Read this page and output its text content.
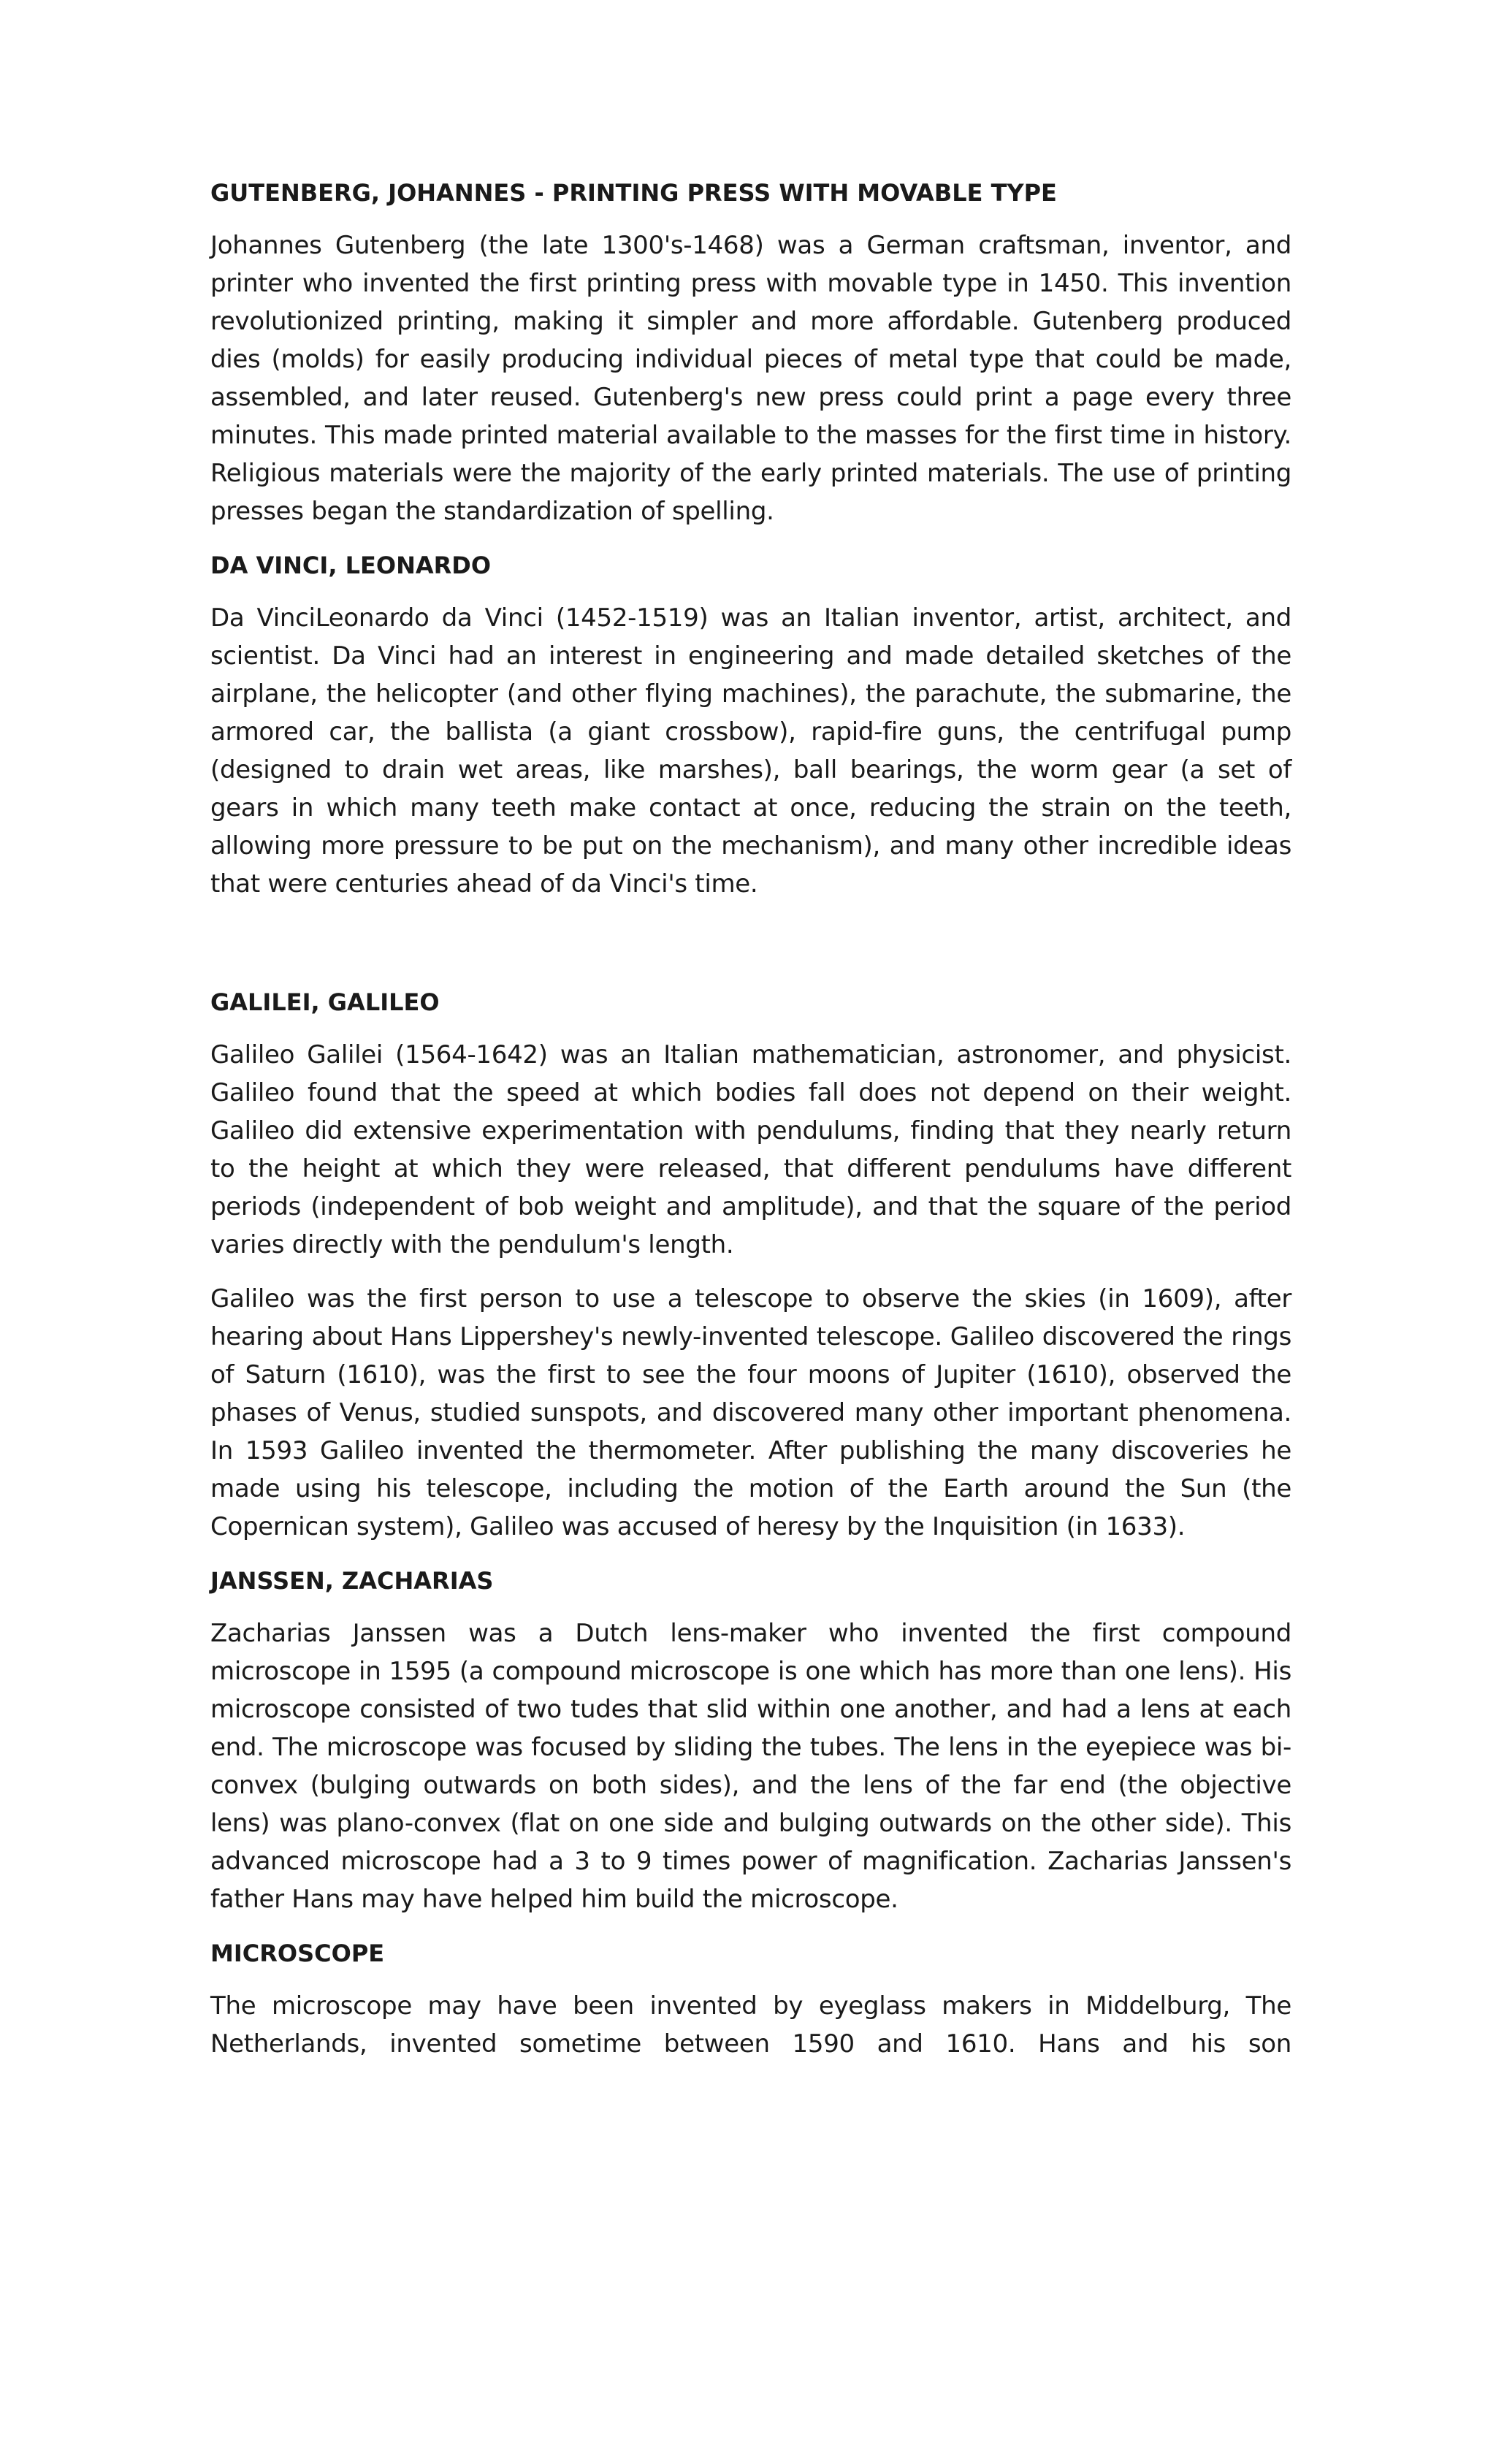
GUTENBERG, JOHANNES - PRINTING PRESS WITH MOVABLE TYPE

Johannes Gutenberg (the late 1300's-1468) was a German craftsman, inventor, and printer who invented the first printing press with movable type in 1450. This invention revolutionized printing, making it simpler and more affordable. Gutenberg produced dies (molds) for easily producing individual pieces of metal type that could be made, assembled, and later reused. Gutenberg's new press could print a page every three minutes. This made printed material available to the masses for the first time in history. Religious materials were the majority of the early printed materials. The use of printing presses began the standardization of spelling.

DA VINCI, LEONARDO

Da VinciLeonardo da Vinci (1452-1519) was an Italian inventor, artist, architect, and scientist. Da Vinci had an interest in engineering and made detailed sketches of the airplane, the helicopter (and other flying machines), the parachute, the submarine, the armored car, the ballista (a giant crossbow), rapid-fire guns, the centrifugal pump (designed to drain wet areas, like marshes), ball bearings, the worm gear (a set of gears in which many teeth make contact at once, reducing the strain on the teeth, allowing more pressure to be put on the mechanism), and many other incredible ideas that were centuries ahead of da Vinci's time.

GALILEI, GALILEO

Galileo Galilei (1564-1642) was an Italian mathematician, astronomer, and physicist. Galileo found that the speed at which bodies fall does not depend on their weight. Galileo did extensive experimentation with pendulums, finding that they nearly return to the height at which they were released, that different pendulums have different periods (independent of bob weight and amplitude), and that the square of the period varies directly with the pendulum's length.

Galileo was the first person to use a telescope to observe the skies (in 1609), after hearing about Hans Lippershey's newly-invented telescope. Galileo discovered the rings of Saturn (1610), was the first to see the four moons of Jupiter (1610), observed the phases of Venus, studied sunspots, and discovered many other important phenomena. In 1593 Galileo invented the thermometer. After publishing the many discoveries he made using his telescope, including the motion of the Earth around the Sun (the Copernican system), Galileo was accused of heresy by the Inquisition (in 1633).

JANSSEN, ZACHARIAS

Zacharias Janssen was a Dutch lens-maker who invented the first compound microscope in 1595 (a compound microscope is one which has more than one lens). His microscope consisted of two tudes that slid within one another, and had a lens at each end. The microscope was focused by sliding the tubes. The lens in the eyepiece was bi-convex (bulging outwards on both sides), and the lens of the far end (the objective lens) was plano-convex (flat on one side and bulging outwards on the other side). This advanced microscope had a 3 to 9 times power of magnification. Zacharias Janssen's father Hans may have helped him build the microscope.

MICROSCOPE

The microscope may have been invented by eyeglass makers in Middelburg, The Netherlands, invented sometime between 1590 and 1610. Hans and his son
